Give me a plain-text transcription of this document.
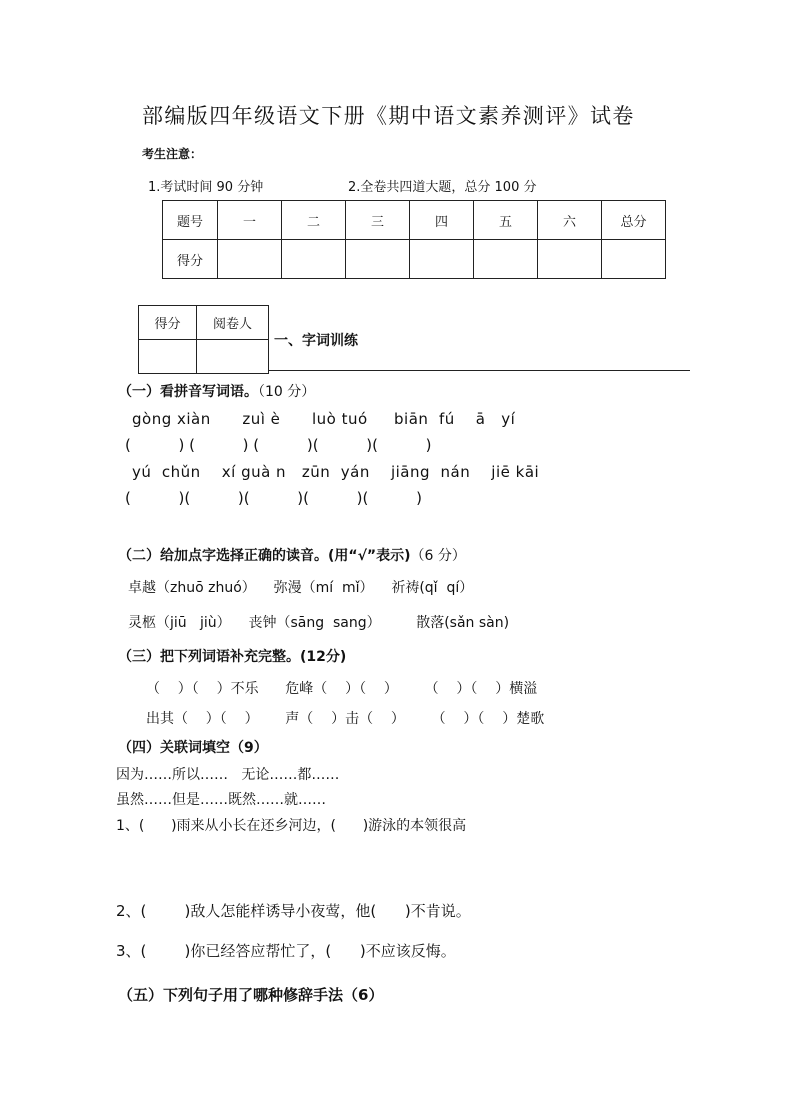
部编版四年级语文下册《期中语文素养测评》试卷
考生注意：
1.考试时间 90 分钟	2.全卷共四道大题，总分 100 分
题号	一	二	三	四	五	六	总分
得分							
得分	阅卷人

一、字词训练
（一）看拼音写词语。（10 分）
gòng xiàn      zuì è      luò tuó     biān  fú    ā   yí
(          ) (          ) (          )(          )(          )
yú  chǔn    xí guà n   zūn  yán    jiāng  nán    jiē kāi
(          )(          )(          )(          )(          )
（二）给加点字选择正确的读音。(用“√”表示)（6 分）
卓越（zhuō zhuó）    弥漫（mí  mǐ）    祈祷(qǐ  qí）
灵柩（jiū   jiù）    丧钟（sāng  sang）        散落(sǎn sàn)
（三）把下列词语补充完整。(12分)
（    ）（    ）不乐      危峰（    ）（    ）      （    ）（    ）横溢
出其（    ）（    ）      声（    ）击（    ）      （    ）（    ）楚歌
（四）关联词填空（9）
因为……所以……   无论……都……
虽然……但是……既然……就……
1、(      )雨来从小长在还乡河边，(      )游泳的本领很高
2、(        )敌人怎能样诱导小夜莺，他(      )不肯说。
3、(        )你已经答应帮忙了，(      )不应该反悔。
（五）下列句子用了哪种修辞手法（6）
